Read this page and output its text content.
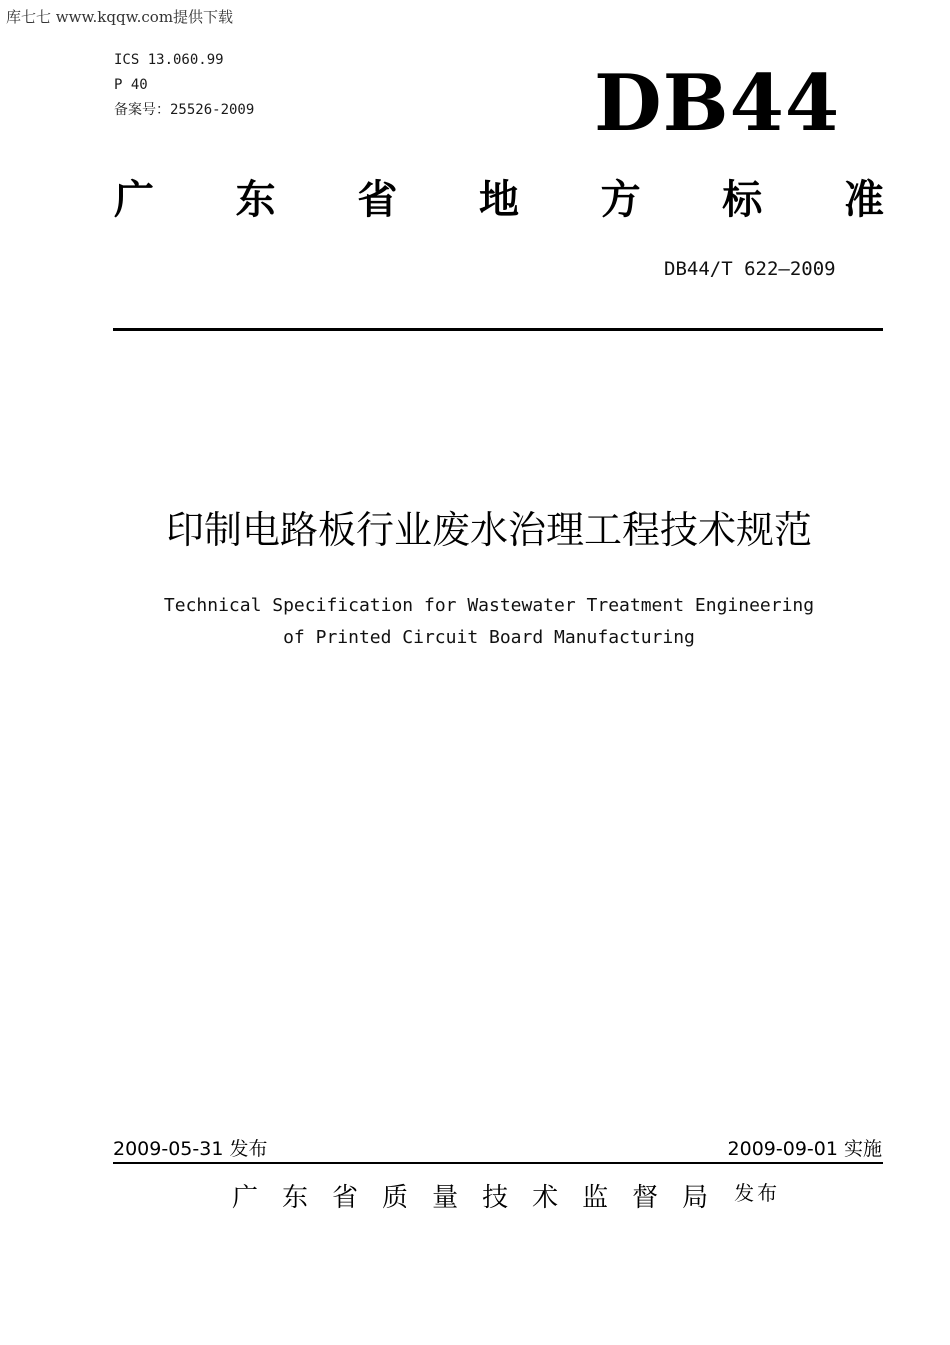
库七七 www.kqqw.com提供下载
ICS 13.060.99
P 40
备案号：25526-2009	DB44
广 东 省 地 方 标 准
DB44/T 622—2009
印制电路板行业废水治理工程技术规范
Technical Specification for Wastewater Treatment Engineering
of Printed Circuit Board Manufacturing
2009-05-31 发布	2009-09-01 实施
广 东 省 质 量 技 术 监 督 局 发布
